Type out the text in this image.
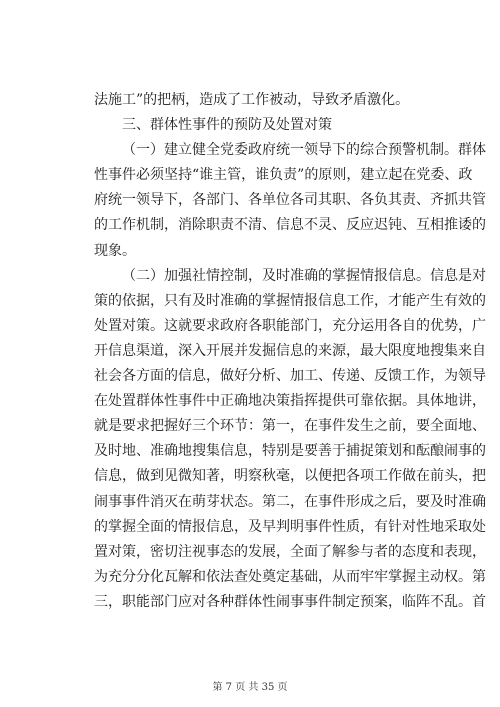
法施工”的把柄，造成了工作被动，导致矛盾激化。
三、群体性事件的预防及处置对策
（一）建立健全党委政府统一领导下的综合预警机制。群体
性事件必须坚持“谁主管，谁负责”的原则，建立起在党委、政
府统一领导下，各部门、各单位各司其职、各负其责、齐抓共管
的工作机制，消除职责不清、信息不灵、反应迟钝、互相推诿的
现象。
（二）加强社情控制，及时准确的掌握情报信息。信息是对
策的依据，只有及时准确的掌握情报信息工作，才能产生有效的
处置对策。这就要求政府各职能部门，充分运用各自的优势，广
开信息渠道，深入开展并发掘信息的来源，最大限度地搜集来自
社会各方面的信息，做好分析、加工、传递、反馈工作，为领导
在处置群体性事件中正确地决策指挥提供可靠依据。具体地讲，
就是要求把握好三个环节：第一，在事件发生之前，要全面地、
及时地、准确地搜集信息，特别是要善于捕捉策划和酝酿闹事的
信息，做到见微知著，明察秋毫，以便把各项工作做在前头，把
闹事事件消灭在萌芽状态。第二，在事件形成之后，要及时准确
的掌握全面的情报信息，及早判明事件性质，有针对性地采取处
置对策，密切注视事态的发展，全面了解参与者的态度和表现，
为充分分化瓦解和依法查处奠定基础，从而牢牢掌握主动权。第
三，职能部门应对各种群体性闹事事件制定预案，临阵不乱。首
第 7 页 共 35 页
